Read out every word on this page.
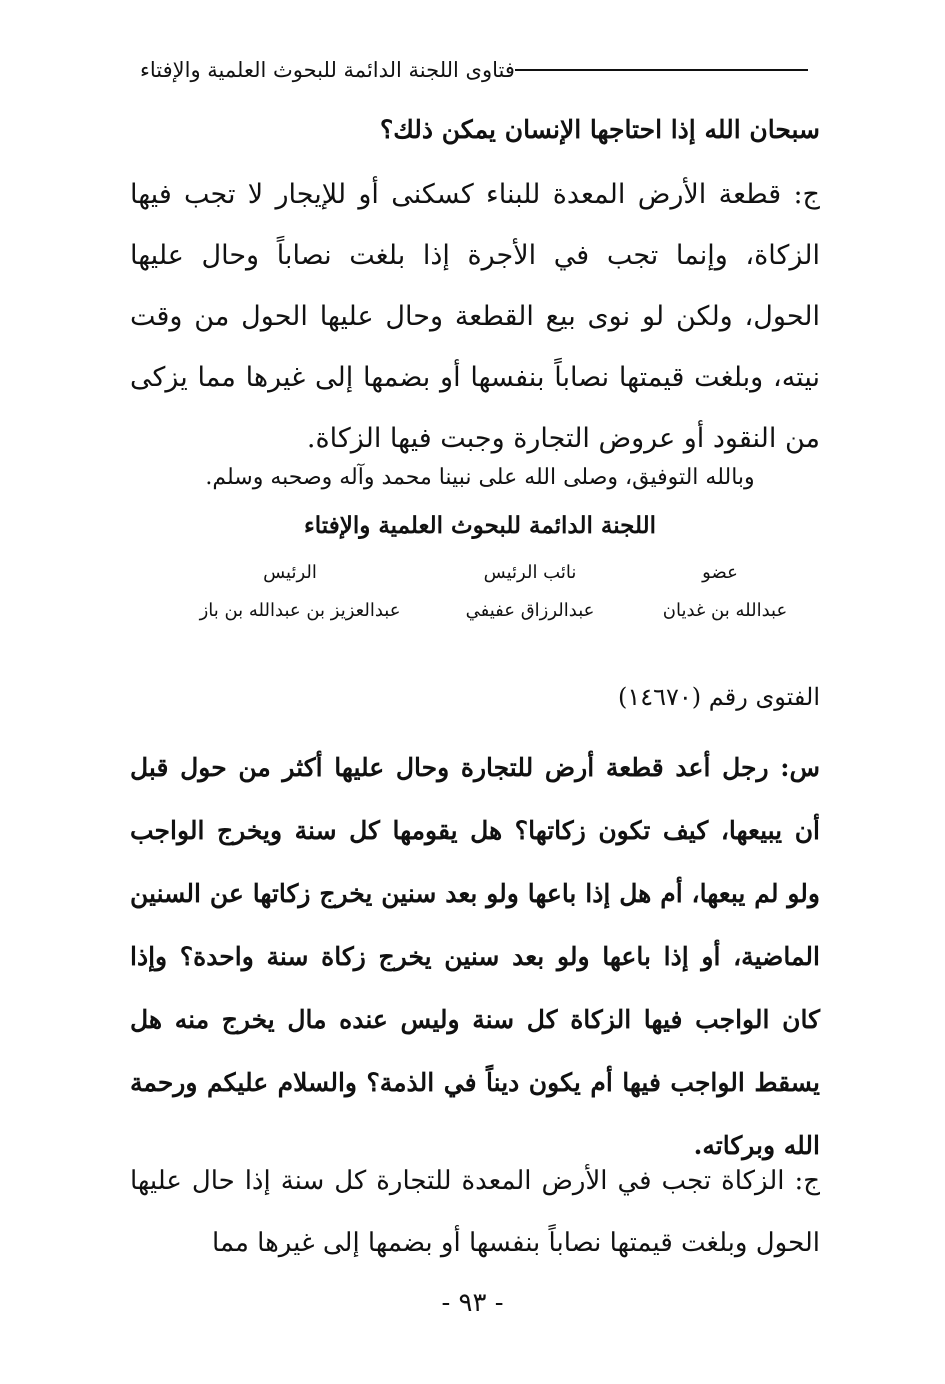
فتاوى اللجنة الدائمة للبحوث العلمية والإفتاء
سبحان الله إذا احتاجها الإنسان يمكن ذلك؟
ج: قطعة الأرض المعدة للبناء كسكنى أو للإيجار لا تجب فيها الزكاة، وإنما تجب في الأجرة إذا بلغت نصاباً وحال عليها الحول، ولكن لو نوى بيع القطعة وحال عليها الحول من وقت نيته، وبلغت قيمتها نصاباً بنفسها أو بضمها إلى غيرها مما يزكى من النقود أو عروض التجارة وجبت فيها الزكاة.
وبالله التوفيق، وصلى الله على نبينا محمد وآله وصحبه وسلم.
اللجنة الدائمة للبحوث العلمية والإفتاء
الرئيس	نائب الرئيس	عضو
عبدالعزيز بن عبدالله بن باز	عبدالرزاق عفيفي	عبدالله بن غديان
الفتوى رقم (١٤٦٧٠)
س: رجل أعد قطعة أرض للتجارة وحال عليها أكثر من حول قبل أن يبيعها، كيف تكون زكاتها؟ هل يقومها كل سنة ويخرج الواجب ولو لم يبعها، أم هل إذا باعها ولو بعد سنين يخرج زكاتها عن السنين الماضية، أو إذا باعها ولو بعد سنين يخرج زكاة سنة واحدة؟ وإذا كان الواجب فيها الزكاة كل سنة وليس عنده مال يخرج منه هل يسقط الواجب فيها أم يكون ديناً في الذمة؟ والسلام عليكم ورحمة الله وبركاته.
ج: الزكاة تجب في الأرض المعدة للتجارة كل سنة إذا حال عليها الحول وبلغت قيمتها نصاباً بنفسها أو بضمها إلى غيرها مما
- ٩٣ -
